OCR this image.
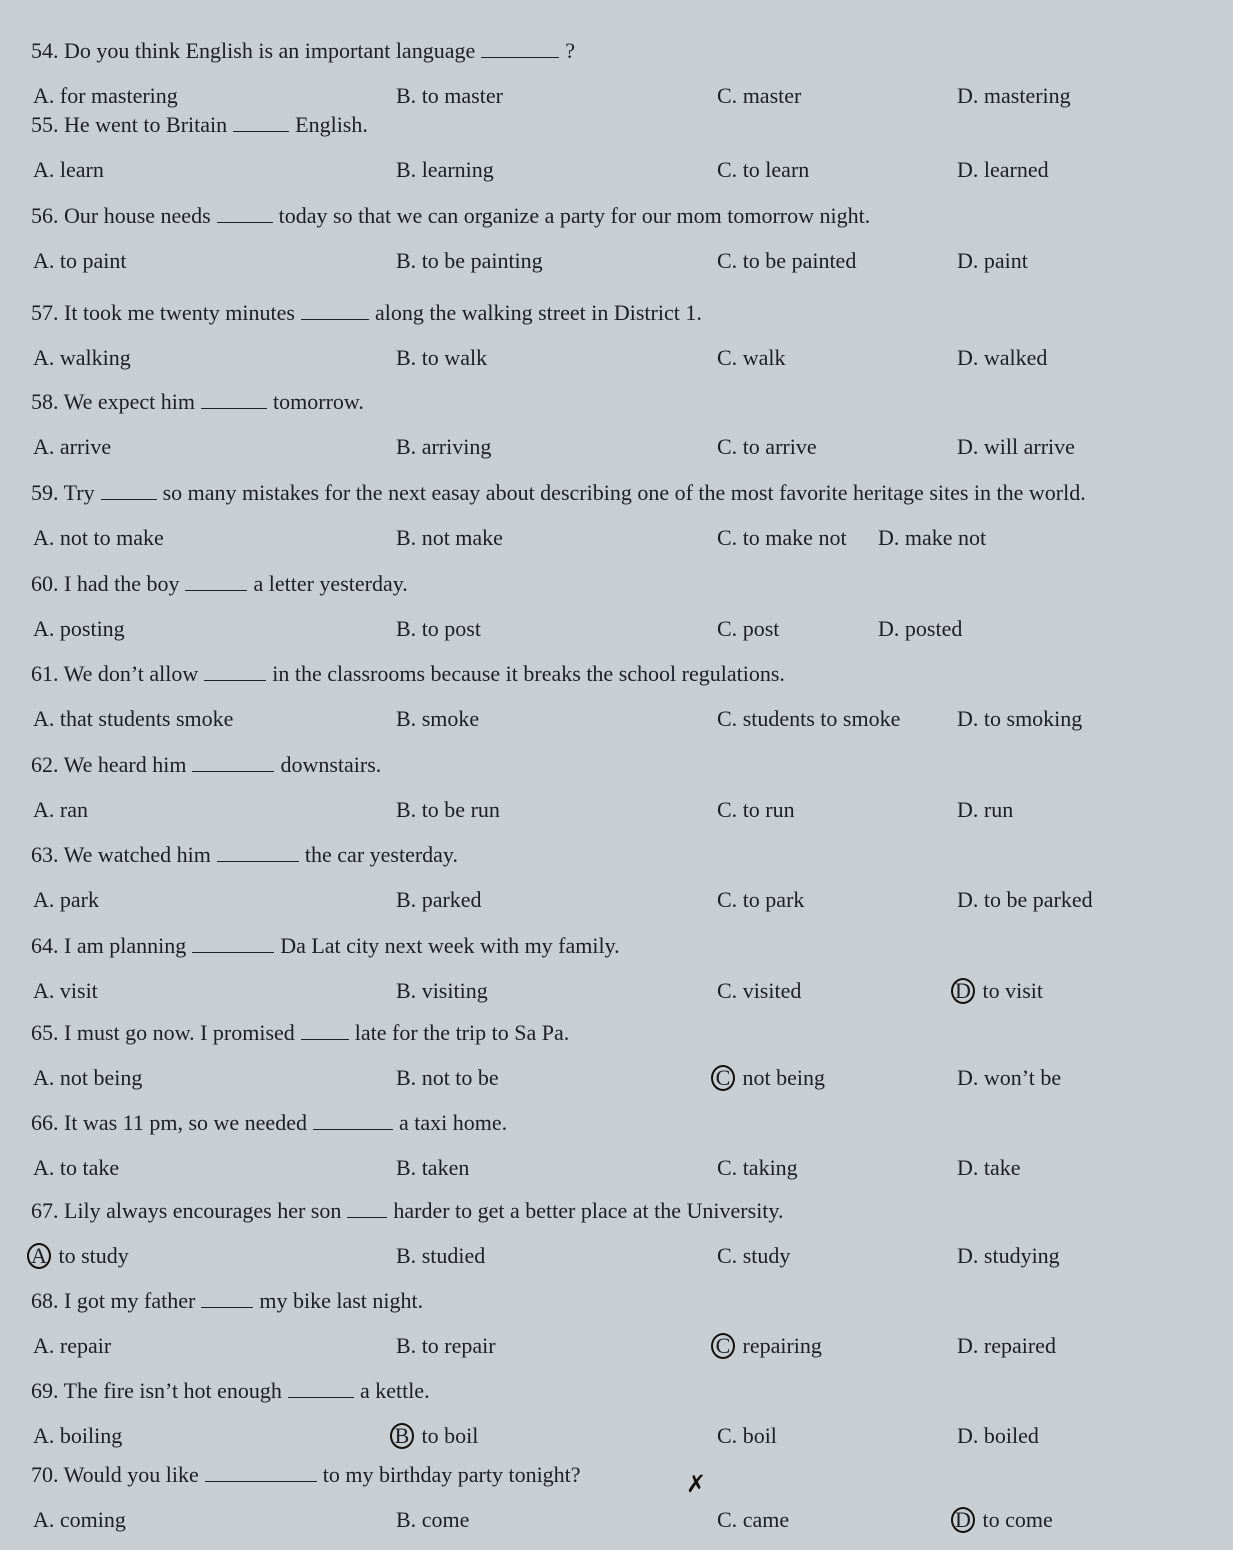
54. Do you think English is an important language	?
A. for mastering	B. to master	C. master	D. mastering
55. He went to Britain	English.
A. learn	B. learning	C. to learn	D. learned
56. Our house needs	today so that we can organize a party for our mom tomorrow night.
A. to paint	B. to be painting	C. to be painted	D. paint
57. It took me twenty minutes	along the walking street in District 1.
A. walking	B. to walk	C. walk	D. walked
58. We expect him	tomorrow.
A. arrive	B. arriving	C. to arrive	D. will arrive
59. Try	so many mistakes for the next easay about describing one of the most favorite heritage sites in the world.
A. not to make	B. not make	C. to make not D. make not
60. I had the boy	a letter yesterday.
A. posting	B. to post	C. post	D. posted
61. We don’t allow	in the classrooms because it breaks the school regulations.
A. that students smoke	B. smoke	C. students to smoke	D. to smoking
62. We heard him	downstairs.
A. ran	B. to be run	C. to run	D. run
63. We watched him	the car yesterday.
A. park	B. parked	C. to park	D. to be parked
64. I am planning	Da Lat city next week with my family.
A. visit	B. visiting	C. visited	D to visit
65. I must go now. I promised	late for the trip to Sa Pa.
A. not being	B. not to be	C not being	D. won’t be
66. It was 11 pm, so we needed	a taxi home.
A. to take	B. taken	C. taking	D. take
67. Lily always encourages her son harder to get a better place at the University.
A to study	B. studied	C. study	D. studying
68. I got my father	my bike last night.
A. repair	B. to repair	C repairing	D. repaired
69. The fire isn’t hot enough	a kettle.
A. boiling	B to boil	C. boil	D. boiled
70. Would you like	to my birthday party tonight?
A. coming	B. come	C. came	D to come
✗
